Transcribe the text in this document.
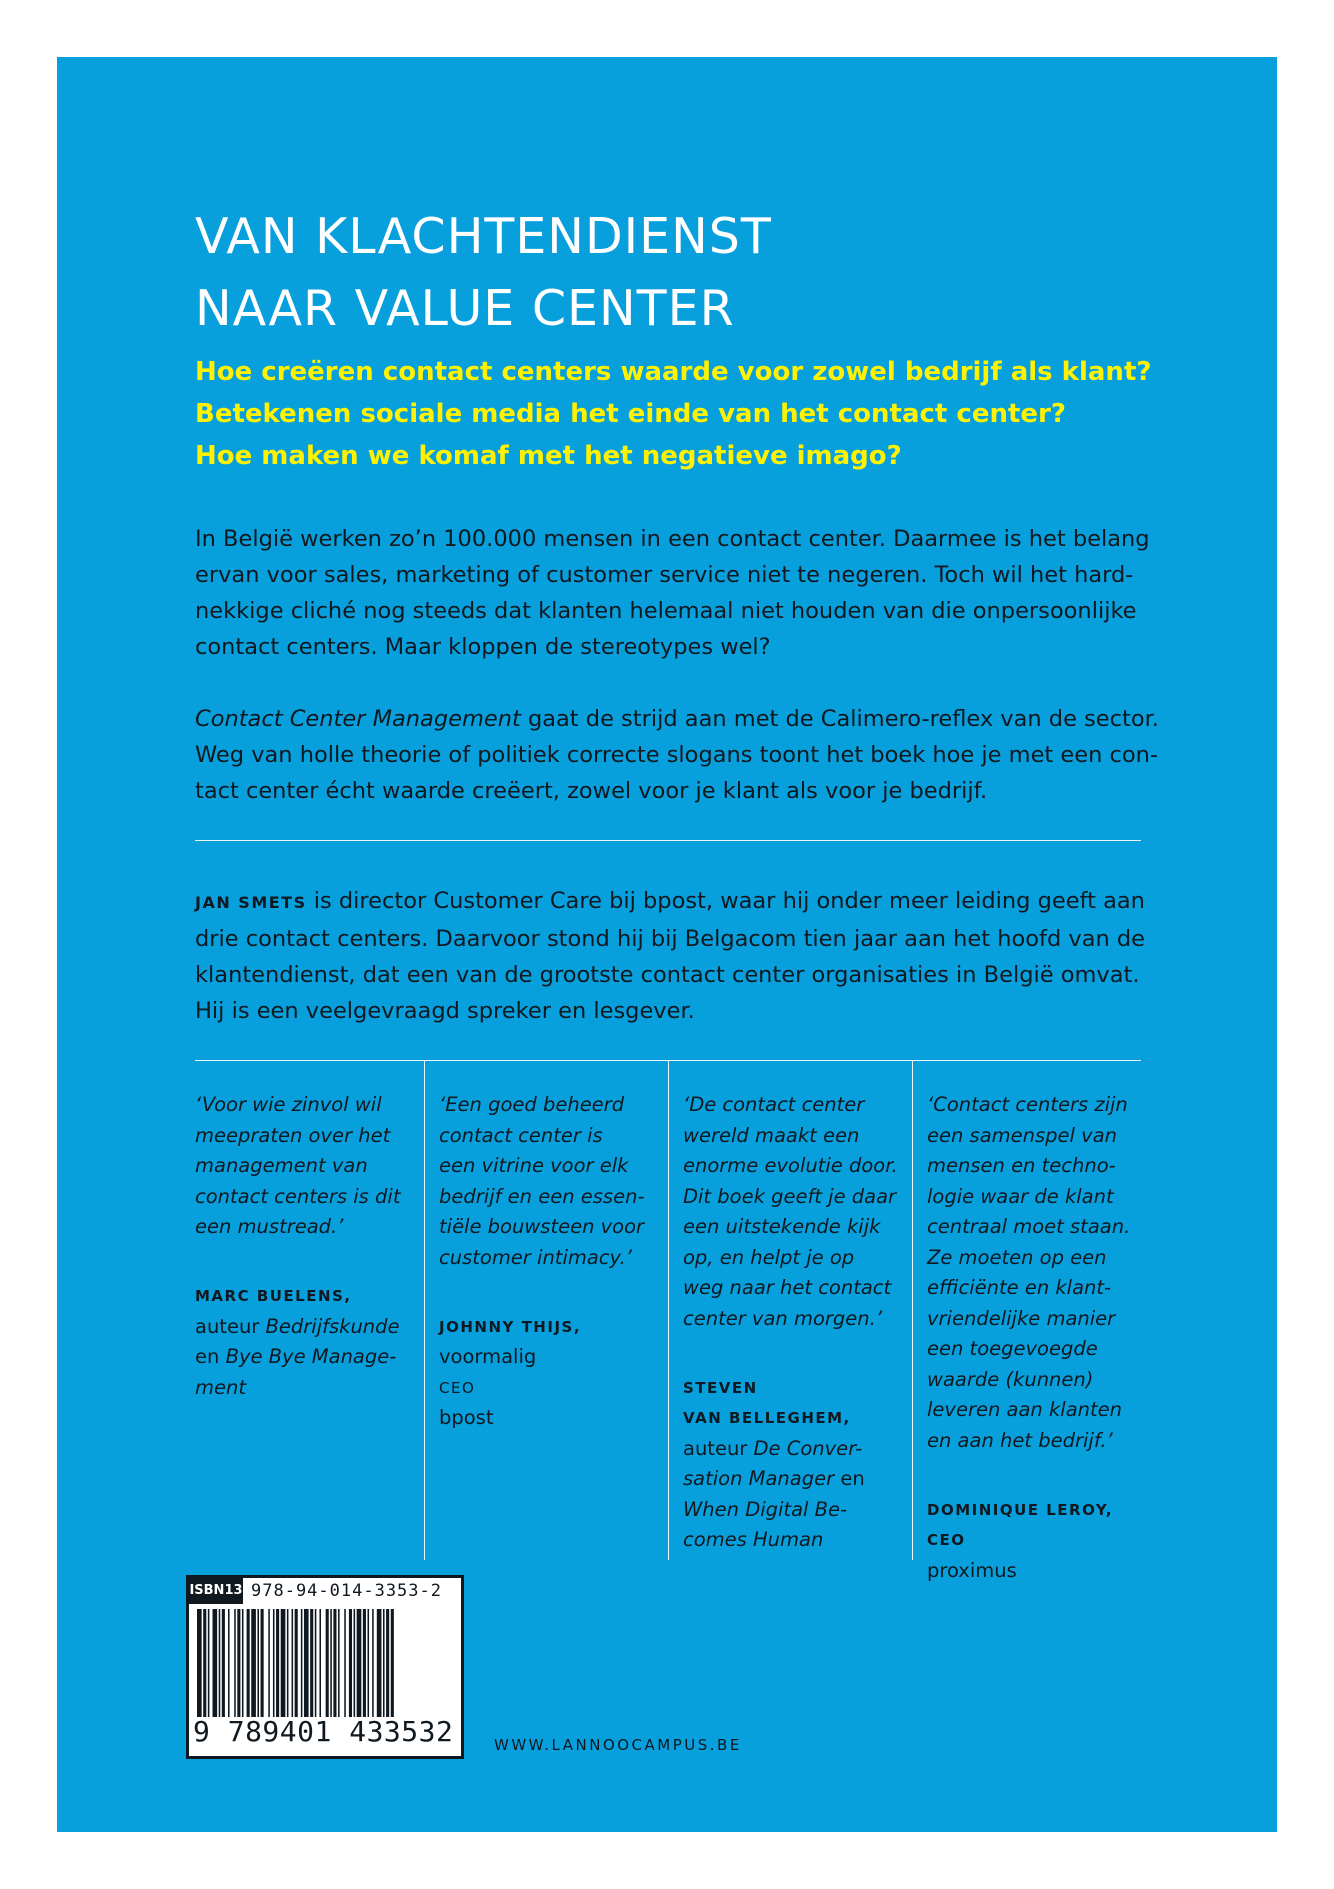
VAN KLACHTENDIENST
NAAR VALUE CENTER
Hoe creëren contact centers waarde voor zowel bedrijf als klant?
Betekenen sociale media het einde van het contact center?
Hoe maken we komaf met het negatieve imago?

In België werken zo’n 100.000 mensen in een contact center. Daarmee is het belang
ervan voor sales, marketing of customer service niet te negeren. Toch wil het hard-
nekkige cliché nog steeds dat klanten helemaal niet houden van die onpersoonlijke
contact centers. Maar kloppen de stereotypes wel?

Contact Center Management gaat de strijd aan met de Calimero-reflex van de sector.
Weg van holle theorie of politiek correcte slogans toont het boek hoe je met een con-
tact center écht waarde creëert, zowel voor je klant als voor je bedrijf.

JAN SMETS is director Customer Care bij bpost, waar hij onder meer leiding geeft aan
drie contact centers. Daarvoor stond hij bij Belgacom tien jaar aan het hoofd van de
klantendienst, dat een van de grootste contact center organisaties in België omvat.
Hij is een veelgevraagd spreker en lesgever.

‘Voor wie zinvol wil
meepraten over het
management van
contact centers is dit
een mustread.’

MARC BUELENS,
auteur Bedrijfskunde
en Bye Bye Manage-
ment

‘Een goed beheerd
contact center is
een vitrine voor elk
bedrijf en een essen-
tiële bouwsteen voor
customer intimacy.’

JOHNNY THIJS,
voormalig
CEO
bpost

‘De contact center
wereld maakt een
enorme evolutie door.
Dit boek geeft je daar
een uitstekende kijk
op, en helpt je op
weg naar het contact
center van morgen.’

STEVEN
VAN BELLEGHEM,
auteur De Conver-
sation Manager en
When Digital Be-
comes Human

‘Contact centers zijn
een samenspel van
mensen en techno-
logie waar de klant
centraal moet staan.
Ze moeten op een
efficiënte en klant-
vriendelijke manier
een toegevoegde
waarde (kunnen)
leveren aan klanten
en aan het bedrijf.’

DOMINIQUE LEROY,
CEO
proximus

ISBN13 978-94-014-3353-2
9 789401 433532	WWW.LANNOOCAMPUS.BE
